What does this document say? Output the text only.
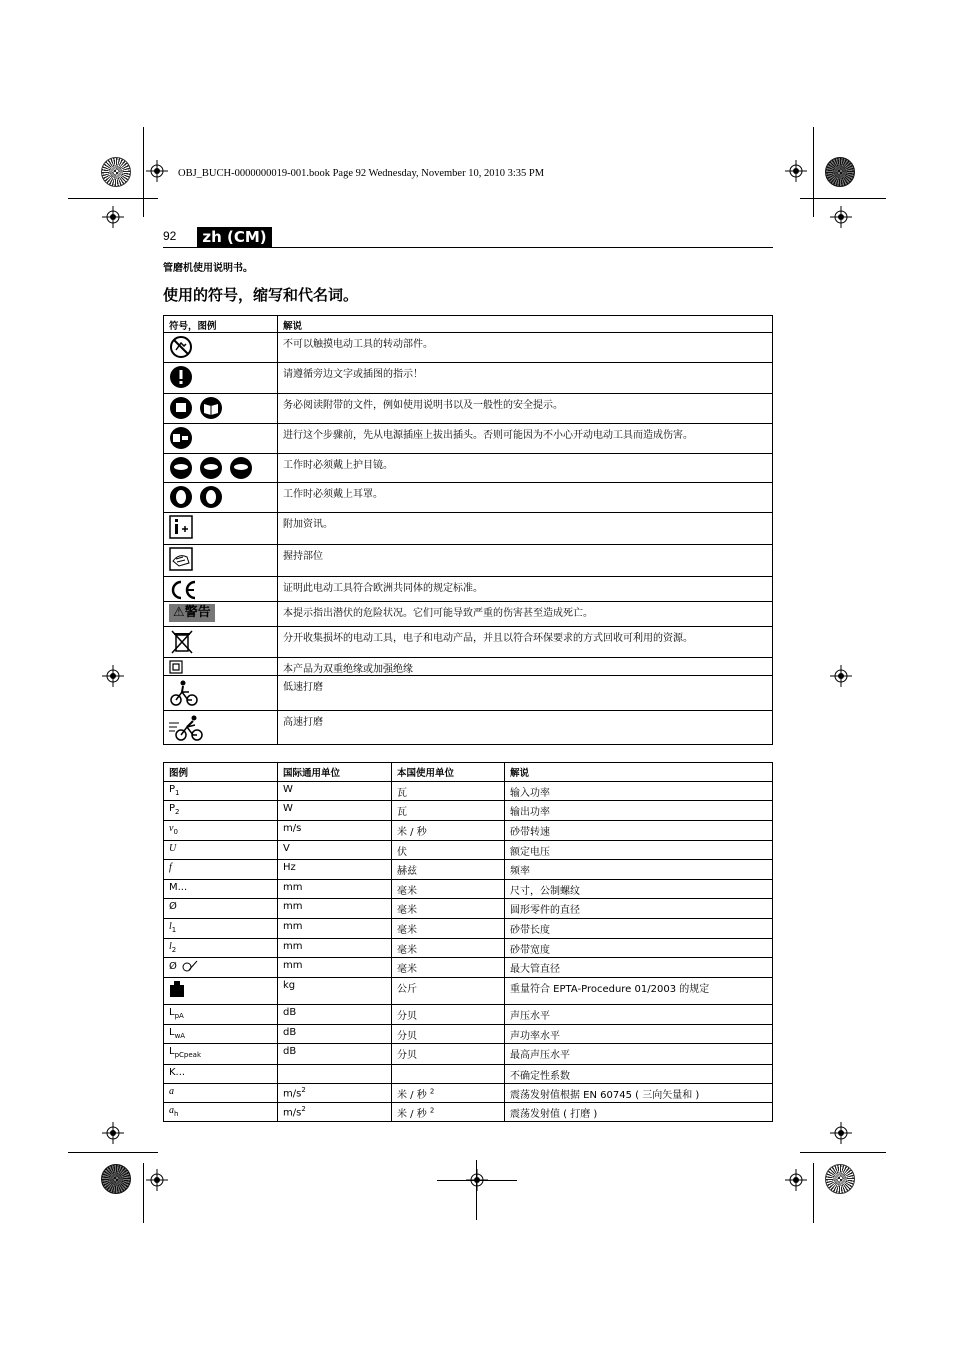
OBJ_BUCH-0000000019-001.book Page 92 Wednesday, November 10, 2010 3:35 PM
92	zh (CM)
管磨机使用说明书。
使用的符号，缩写和代名词。
符号，图例	解说
	不可以触摸电动工具的转动部件。
	请遵循旁边文字或插图的指示！
	务必阅读附带的文件，例如使用说明书以及一般性的安全提示。
	进行这个步骤前，先从电源插座上拔出插头。否则可能因为不小心开动电动工具而造成伤害。
	工作时必须戴上护目镜。
	工作时必须戴上耳罩。
	附加资讯。
	握持部位
	证明此电动工具符合欧洲共同体的规定标准。
⚠警告	本提示指出潜伏的危险状况。它们可能导致严重的伤害甚至造成死亡。
	分开收集损坏的电动工具，电子和电动产品，并且以符合环保要求的方式回收可利用的资源。
	本产品为双重绝缘或加强绝缘
	低速打磨
	高速打磨
图例	国际通用单位	本国使用单位	解说
$P_1$	W	瓦	输入功率
$P_2$	W	瓦	输出功率
$v_0$	m/s	米 / 秒	砂带转速
U	V	伏	额定电压
f	Hz	赫兹	频率
M...	mm	毫米	尺寸，公制螺纹
Ø	mm	毫米	圆形零件的直径
$l_1$	mm	毫米	砂带长度
$l_2$	mm	毫米	砂带宽度
Ø	mm	毫米	最大管直径
	kg	公斤	重量符合 EPTA-Procedure 01/2003 的规定
$L_{pA}$	dB	分贝	声压水平
$L_{wA}$	dB	分贝	声功率水平
$L_{pCpeak}$	dB	分贝	最高声压水平
K...			不确定性系数
a	$m/s^2$	米 / 秒 $^2$	震荡发射值根据 EN 60745 ( 三向矢量和 )
$a_h$	$m/s^2$	米 / 秒 $^2$	震荡发射值 ( 打磨 )
